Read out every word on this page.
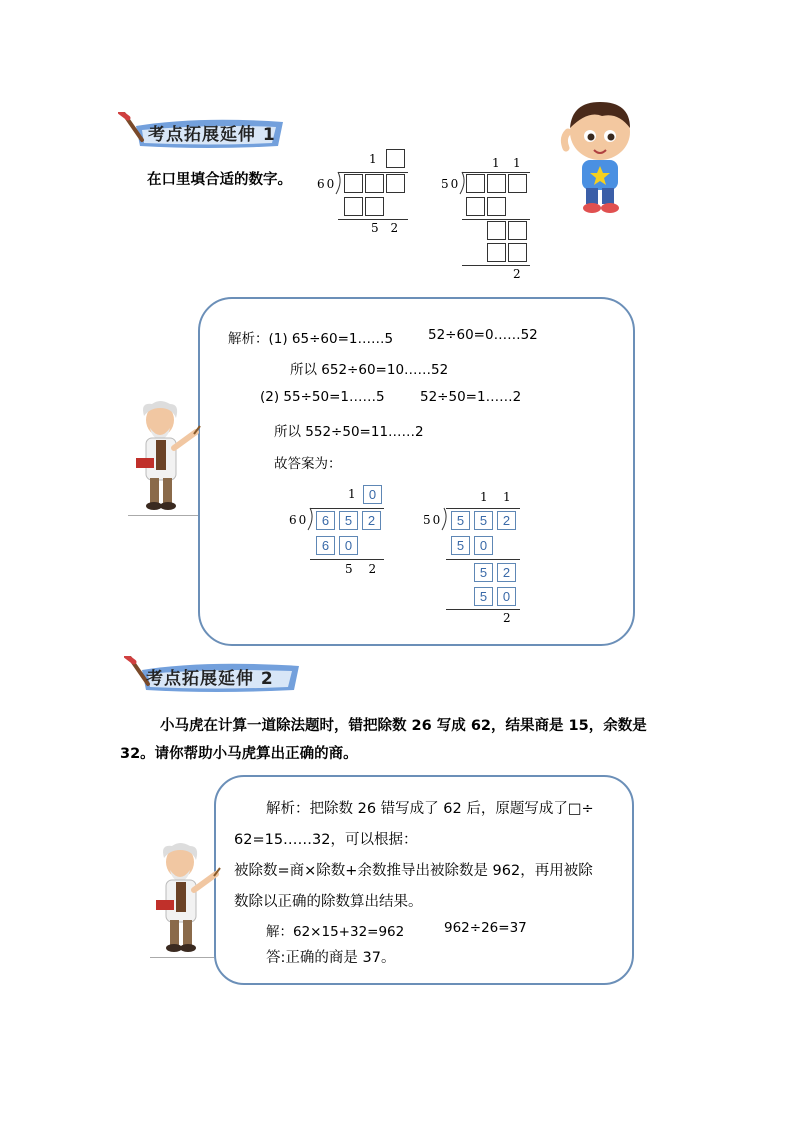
考点拓展延伸 1
在口里填合适的数字。
1
60
5 2
1 1
50
2
解析：(1) 65÷60=1……5	52÷60=0……52
所以 652÷60=10……52
(2) 55÷50=1……5	52÷50=1……2
所以 552÷50=11……2
故答案为：
1	0
60	6	5	2
6	0
5 2
1 1
50	5	5	2
5	0
5	2
5	0
2
考点拓展延伸 2
小马虎在计算一道除法题时，错把除数 26 写成 62，结果商是 15，余数是
32。请你帮助小马虎算出正确的商。
解析：把除数 26 错写成了 62 后，原题写成了□÷
62=15……32，可以根据：
被除数=商×除数+余数推导出被除数是 962，再用被除
数除以正确的除数算出结果。
解：62×15+32=962	962÷26=37
答:正确的商是 37。
